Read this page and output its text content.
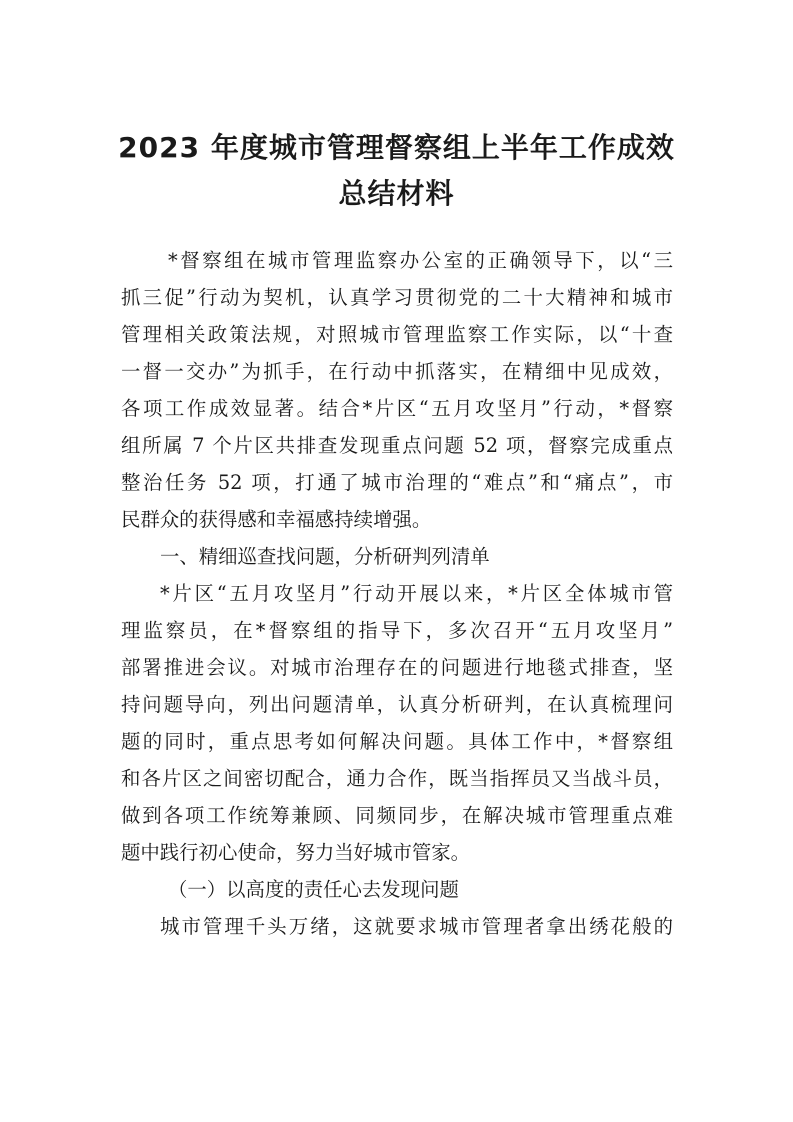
2023 年度城市管理督察组上半年工作成效
总结材料
*督察组在城市管理监察办公室的正确领导下，以“三
抓三促”行动为契机，认真学习贯彻党的二十大精神和城市
管理相关政策法规，对照城市管理监察工作实际，以“十查
一督一交办”为抓手，在行动中抓落实，在精细中见成效，
各项工作成效显著。结合*片区“五月攻坚月”行动，*督察
组所属 7 个片区共排查发现重点问题 52 项，督察完成重点
整治任务 52 项，打通了城市治理的“难点”和“痛点”，市
民群众的获得感和幸福感持续增强。
一、精细巡查找问题，分析研判列清单
*片区“五月攻坚月”行动开展以来，*片区全体城市管
理监察员，在*督察组的指导下，多次召开“五月攻坚月”
部署推进会议。对城市治理存在的问题进行地毯式排查，坚
持问题导向，列出问题清单，认真分析研判，在认真梳理问
题的同时，重点思考如何解决问题。具体工作中，*督察组
和各片区之间密切配合，通力合作，既当指挥员又当战斗员，
做到各项工作统筹兼顾、同频同步，在解决城市管理重点难
题中践行初心使命，努力当好城市管家。
（一）以高度的责任心去发现问题
城市管理千头万绪，这就要求城市管理者拿出绣花般的
